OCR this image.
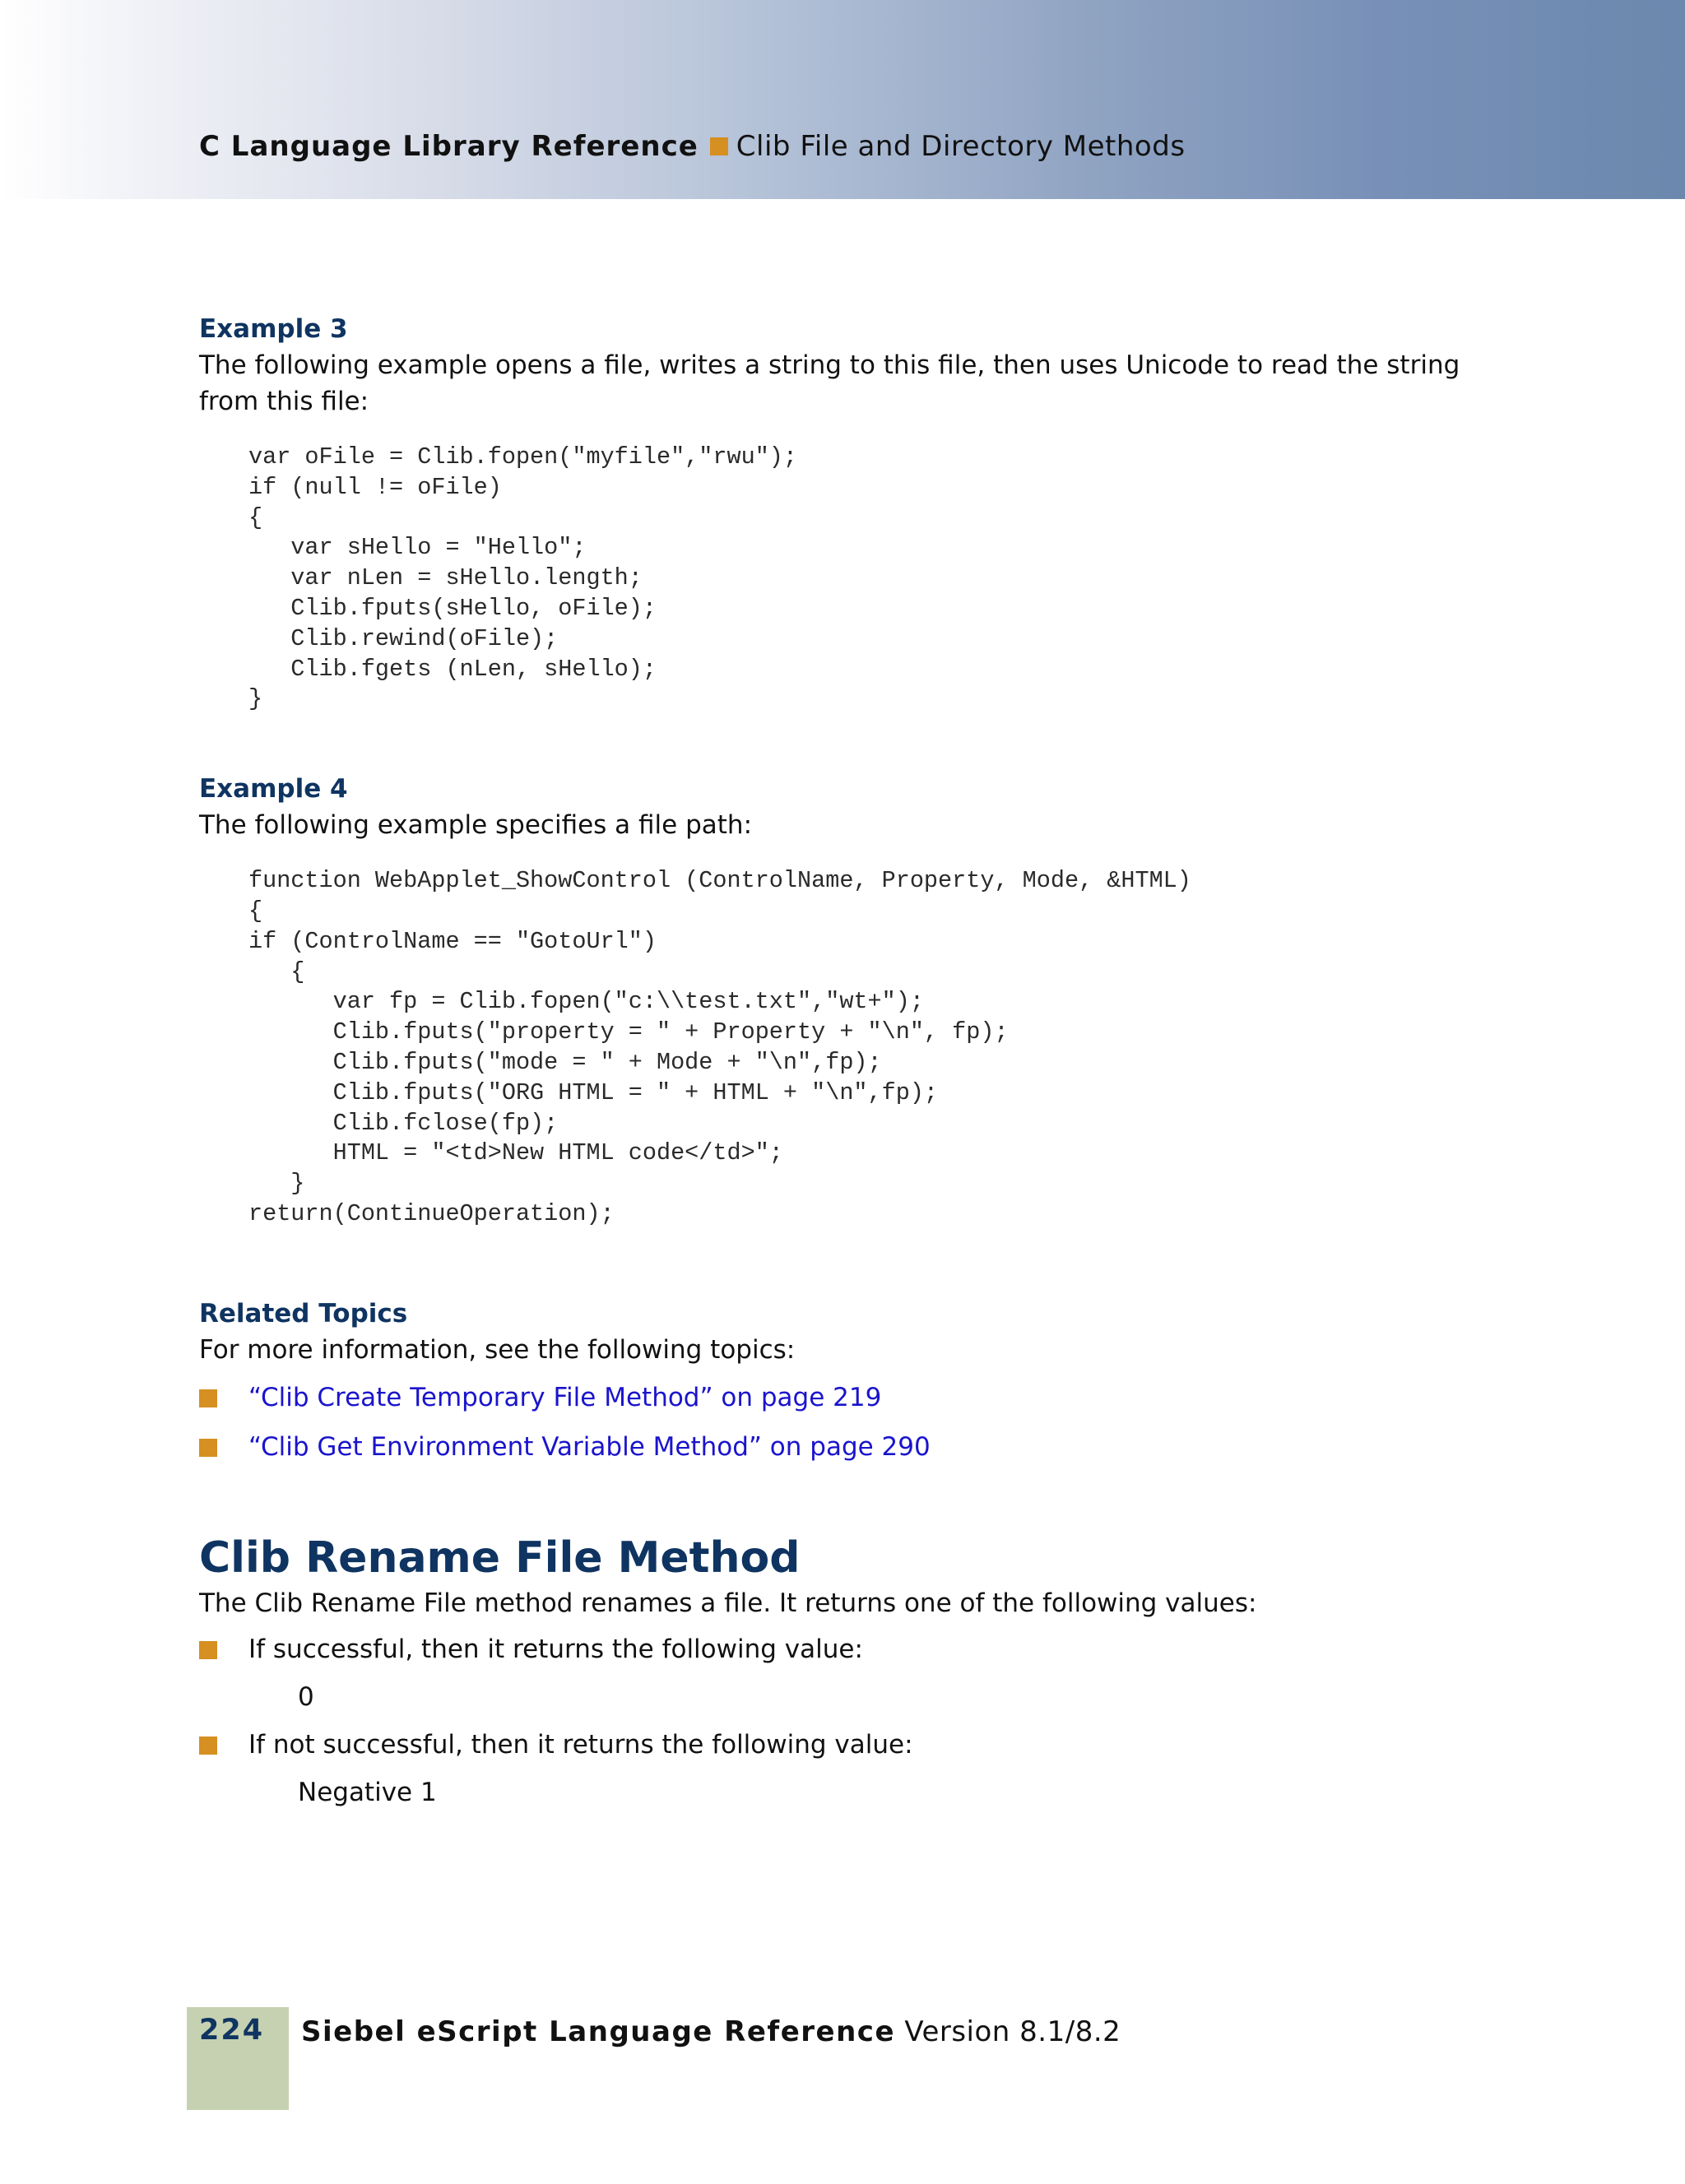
C Language Library Reference Clib File and Directory Methods
Example 3

The following example opens a file, writes a string to this file, then uses Unicode to read the string from this file:

var oFile = Clib.fopen("myfile","rwu");
if (null != oFile)
{
var sHello = "Hello";
var nLen = sHello.length;
Clib.fputs(sHello, oFile);
Clib.rewind(oFile);
Clib.fgets (nLen, sHello);
}
Example 4

The following example specifies a file path:

function WebApplet_ShowControl (ControlName, Property, Mode, &HTML)
{
if (ControlName == "GotoUrl")
{
var fp = Clib.fopen("c:\\test.txt","wt+");
Clib.fputs("property = " + Property + "\n", fp);
Clib.fputs("mode = " + Mode + "\n",fp);
Clib.fputs("ORG HTML = " + HTML + "\n",fp);
Clib.fclose(fp);
HTML = "<td>New HTML code</td>";
}
return(ContinueOperation);
Related Topics

For more information, see the following topics:

“Clib Create Temporary File Method” on page 219
“Clib Get Environment Variable Method” on page 290
Clib Rename File Method

The Clib Rename File method renames a file. It returns one of the following values:

If successful, then it returns the following value:
0
If not successful, then it returns the following value:
Negative 1
224 Siebel eScript Language Reference Version 8.1/8.2
